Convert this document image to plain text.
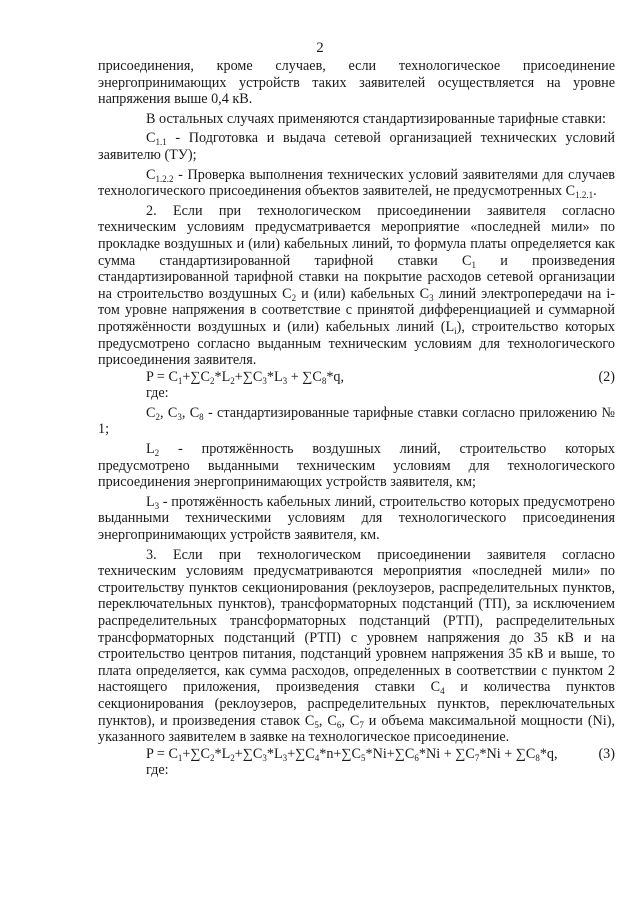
2

присоединения, кроме случаев, если технологическое присоединение энергопринимающих устройств таких заявителей осуществляется на уровне напряжения выше 0,4 кВ.

В остальных случаях применяются стандартизированные тарифные ставки:

$C_{1.1}$ - Подготовка и выдача сетевой организацией технических условий заявителю (ТУ);

$C_{1.2.2}$ - Проверка выполнения технических условий заявителями для случаев технологического присоединения объектов заявителей, не предусмотренных $C_{1.2.1}$.

2. Если при технологическом присоединении заявителя согласно техническим условиям предусматривается мероприятие «последней мили» по прокладке воздушных и (или) кабельных линий, то формула платы определяется как сумма стандартизированной тарифной ставки $C_1$ и произведения стандартизированной тарифной ставки на покрытие расходов сетевой организации на строительство воздушных $C_2$ и (или) кабельных $C_3$ линий электропередачи на i-том уровне напряжения в соответствие с принятой дифференциацией и суммарной протяжённости воздушных и (или) кабельных линий $(L_i)$, строительство которых предусмотрено согласно выданным техническим условиям для технологического присоединения заявителя.

$P = C_1+\sum C_2*L_2+\sum C_3*L_3 + \sum C_8*q$,	(2)
где:

$C_2$, $C_3$, $C_8$ - стандартизированные тарифные ставки согласно приложению № 1;

$L_2$ - протяжённость воздушных линий, строительство которых предусмотрено выданными техническим условиям для технологического присоединения энергопринимающих устройств заявителя, км;

$L_3$ - протяжённость кабельных линий, строительство которых предусмотрено выданными техническими условиям для технологического присоединения энергопринимающих устройств заявителя, км.

3. Если при технологическом присоединении заявителя согласно техническим условиям предусматриваются мероприятия «последней мили» по строительству пунктов секционирования (реклоузеров, распределительных пунктов, переключательных пунктов), трансформаторных подстанций (ТП), за исключением распределительных трансформаторных подстанций (РТП), распределительных трансформаторных подстанций (РТП) с уровнем напряжения до 35 кВ и на строительство центров питания, подстанций уровнем напряжения 35 кВ и выше, то плата определяется, как сумма расходов, определенных в соответствии с пунктом 2 настоящего приложения, произведения ставки $C_4$ и количества пунктов секционирования (реклоузеров, распределительных пунктов, переключательных пунктов), и произведения ставок $C_5$, $C_6$, $C_7$ и объема максимальной мощности (Ni), указанного заявителем в заявке на технологическое присоединение.

$P = C_1+\sum C_2*L_2+\sum C_3*L_3+\sum C_4*n+\sum C_5*Ni+\sum C_6*Ni + \sum C_7*Ni + \sum C_8*q$,	(3)
где:
